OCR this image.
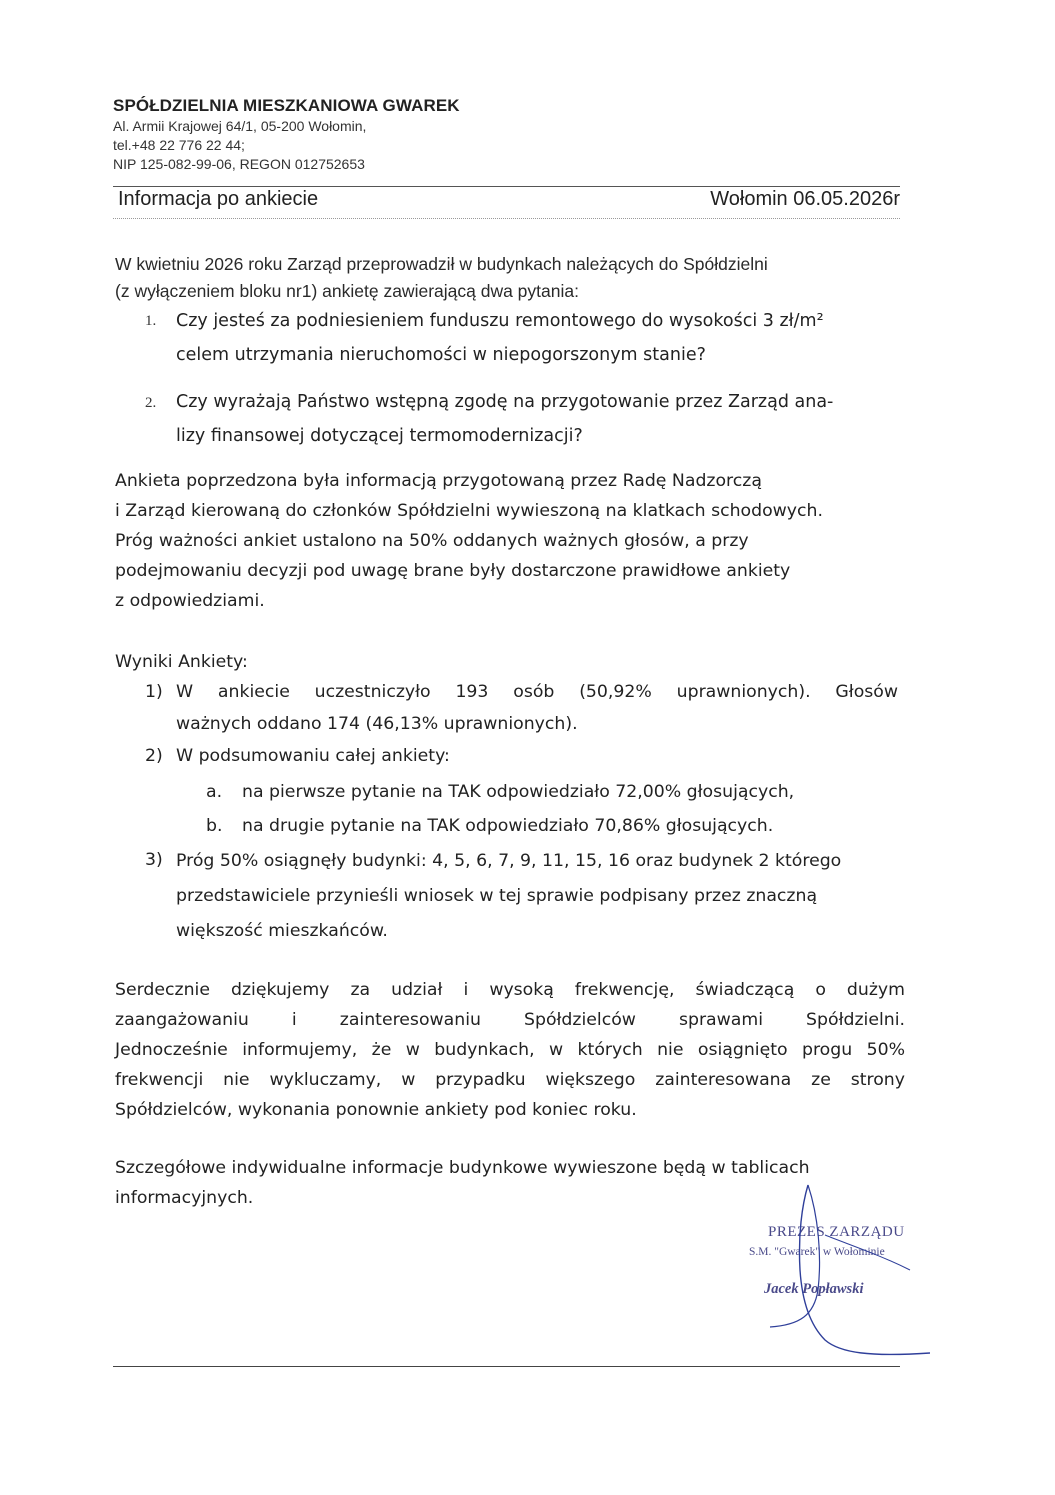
SPÓŁDZIELNIA MIESZKANIOWA GWAREK

Al. Armii Krajowej 64/1, 05-200 Wołomin,

tel.+48 22 776 22 44;

NIP 125-082-99-06, REGON 012752653

Informacja po ankiecie	Wołomin 06.05.2026r

W kwietniu 2026 roku Zarząd przeprowadził w budynkach należących do Spółdzielni
(z wyłączeniem bloku nr1) ankietę zawierającą dwa pytania:

1. Czy jesteś za podniesieniem funduszu remontowego do wysokości 3 zł/m²
celem utrzymania nieruchomości w niepogorszonym stanie?
2. Czy wyrażają Państwo wstępną zgodę na przygotowanie przez Zarząd ana-
lizy finansowej dotyczącej termomodernizacji?
Ankieta poprzedzona była informacją przygotowaną przez Radę Nadzorczą
i Zarząd kierowaną do członków Spółdzielni wywieszoną na klatkach schodowych.
Próg ważności ankiet ustalono na 50% oddanych ważnych głosów, a przy
podejmowaniu decyzji pod uwagę brane były dostarczone prawidłowe ankiety
z odpowiedziami.
Wyniki Ankiety:
1) W ankiecie uczestniczyło 193 osób (50,92% uprawnionych). Głosów
ważnych oddano 174 (46,13% uprawnionych).
2) W podsumowaniu całej ankiety:
a. na pierwsze pytanie na TAK odpowiedziało 72,00% głosujących,
b. na drugie pytanie na TAK odpowiedziało 70,86% głosujących.
3) Próg 50% osiągnęły budynki: 4, 5, 6, 7, 9, 11, 15, 16 oraz budynek 2 którego
przedstawiciele przynieśli wniosek w tej sprawie podpisany przez znaczną
większość mieszkańców.
Serdecznie dziękujemy za udział i wysoką frekwencję, świadczącą o dużym
zaangażowaniu i zainteresowaniu Spółdzielców sprawami Spółdzielni.
Jednocześnie informujemy, że w budynkach, w których nie osiągnięto progu 50%
frekwencji nie wykluczamy, w przypadku większego zainteresowana ze strony
Spółdzielców, wykonania ponownie ankiety pod koniec roku.
Szczegółowe indywidualne informacje budynkowe wywieszone będą w tablicach
informacyjnych.
PREZES ZARZĄDU
S.M. "Gwarek" w Wołominie
Jacek Popławski
